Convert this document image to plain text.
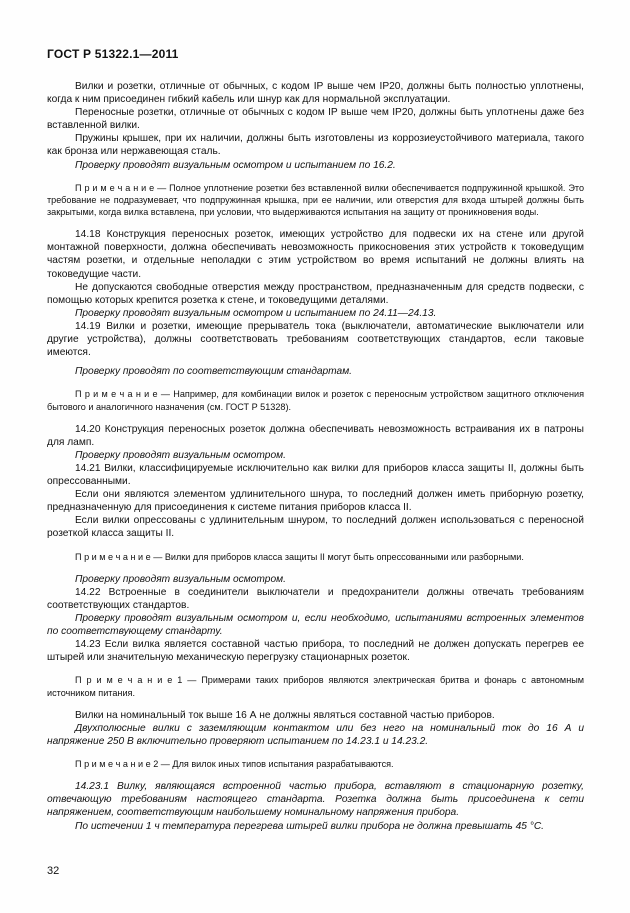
ГОСТ Р 51322.1—2011

Вилки и розетки, отличные от обычных, с кодом IP выше чем IP20, должны быть полностью уплотнены, когда к ним присоединен гибкий кабель или шнур как для нормальной эксплуатации.

Переносные розетки, отличные от обычных с кодом IP выше чем IP20, должны быть уплотнены даже без вставленной вилки.

Пружины крышек, при их наличии, должны быть изготовлены из коррозиеустойчивого материала, такого как бронза или нержавеющая сталь.

Проверку проводят визуальным осмотром и испытанием по 16.2.

П р и м е ч а н и е — Полное уплотнение розетки без вставленной вилки обеспечивается подпружинной крышкой. Это требование не подразумевает, что подпружинная крышка, при ее наличии, или отверстия для входа штырей должны быть закрытыми, когда вилка вставлена, при условии, что выдерживаются испытания на защиту от проникновения воды.

14.18 Конструкция переносных розеток, имеющих устройство для подвески их на стене или другой монтажной поверхности, должна обеспечивать невозможность прикосновения этих устройств к токоведущим частям розетки, и отдельные неполадки с этим устройством во время испытаний не должны влиять на токоведущие части.

Не допускаются свободные отверстия между пространством, предназначенным для средств подвески, с помощью которых крепится розетка к стене, и токоведущими деталями.

Проверку проводят визуальным осмотром и испытанием по 24.11—24.13.

14.19 Вилки и розетки, имеющие прерыватель тока (выключатели, автоматические выключатели или другие устройства), должны соответствовать требованиям соответствующих стандартов, если таковые имеются.

Проверку проводят по соответствующим стандартам.

П р и м е ч а н и е — Например, для комбинации вилок и розеток с переносным устройством защитного отключения бытового и аналогичного назначения (см. ГОСТ Р 51328).

14.20 Конструкция переносных розеток должна обеспечивать невозможность встраивания их в патроны для ламп.

Проверку проводят визуальным осмотром.

14.21 Вилки, классифицируемые исключительно как вилки для приборов класса защиты II, должны быть опрессованными.

Если они являются элементом удлинительного шнура, то последний должен иметь приборную розетку, предназначенную для присоединения к системе питания приборов класса II.

Если вилки опрессованы с удлинительным шнуром, то последний должен использоваться с переносной розеткой класса защиты II.

П р и м е ч а н и е — Вилки для приборов класса защиты II могут быть опрессованными или разборными.

Проверку проводят визуальным осмотром.

14.22 Встроенные в соединители выключатели и предохранители должны отвечать требованиям соответствующих стандартов.

Проверку проводят визуальным осмотром и, если необходимо, испытаниями встроенных элементов по соответствующему стандарту.

14.23 Если вилка является составной частью прибора, то последний не должен допускать перегрев ее штырей или значительную механическую перегрузку стационарных розеток.

П р и м е ч а н и е 1 — Примерами таких приборов являются электрическая бритва и фонарь с автономным источником питания.

Вилки на номинальный ток выше 16 А не должны являться составной частью приборов.

Двухполюсные вилки с заземляющим контактом или без него на номинальный ток до 16 А и напряжение 250 В включительно проверяют испытанием по 14.23.1 и 14.23.2.

П р и м е ч а н и е 2 — Для вилок иных типов испытания разрабатываются.

14.23.1 Вилку, являющаяся встроенной частью прибора, вставляют в стационарную розетку, отвечающую требованиям настоящего стандарта. Розетка должна быть присоединена к сети напряжением, соответствующим наибольшему номинальному напряжения прибора.

По истечении 1 ч температура перегрева штырей вилки прибора не должна превышать 45 °С.

32
